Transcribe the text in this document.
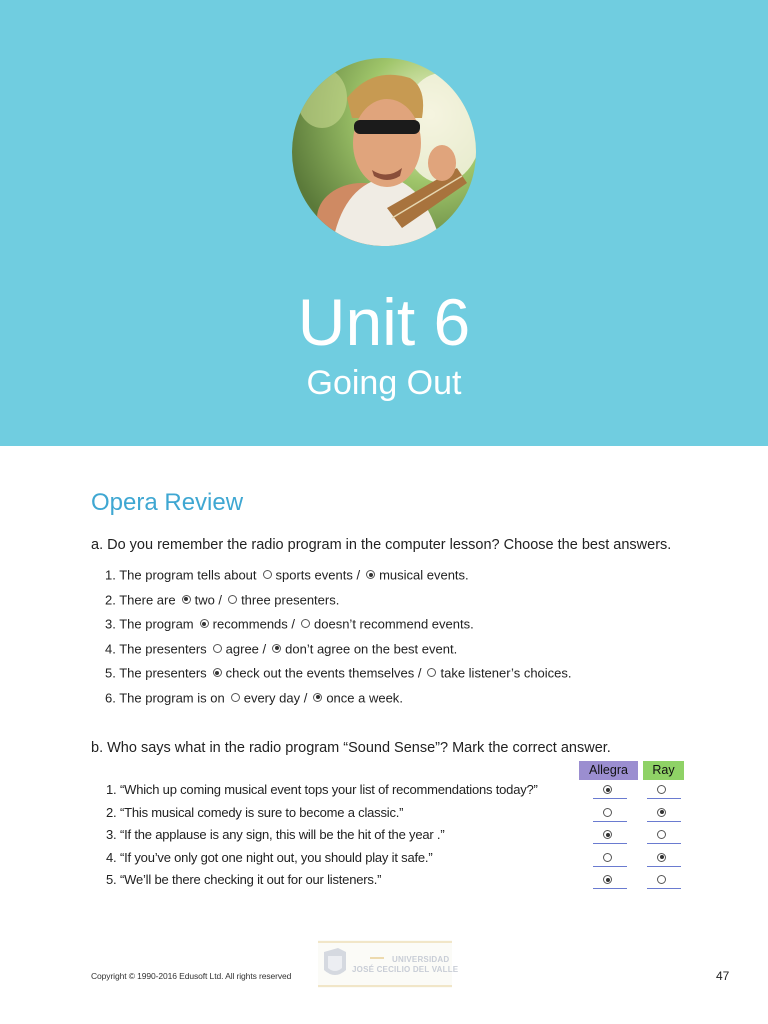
Unit 6
Going Out
Opera Review
a. Do you remember the radio program in the computer lesson? Choose the best answers.
1. The program tells about sports events / musical events.
2. There are two / three presenters.
3. The program recommends / doesn’t recommend events.
4. The presenters agree / don’t agree on the best event.
5. The presenters check out the events themselves / take listener’s choices.
6. The program is on every day / once a week.
b. Who says what in the radio program “Sound Sense”? Mark the correct answer.
Allegra	Ray
1. “Which up coming musical event tops your list of recommendations today?”
2. “This musical comedy is sure to become a classic.”
3. “If the applause is any sign, this will be the hit of the year .”
4. “If you’ve only got one night out, you should play it safe.”
5. “We’ll be there checking it out for our listeners.”
UNIVERSIDAD
JOSÉ CECILIO DEL VALLE
Copyright © 1990-2016 Edusoft Ltd. All rights reserved	47
